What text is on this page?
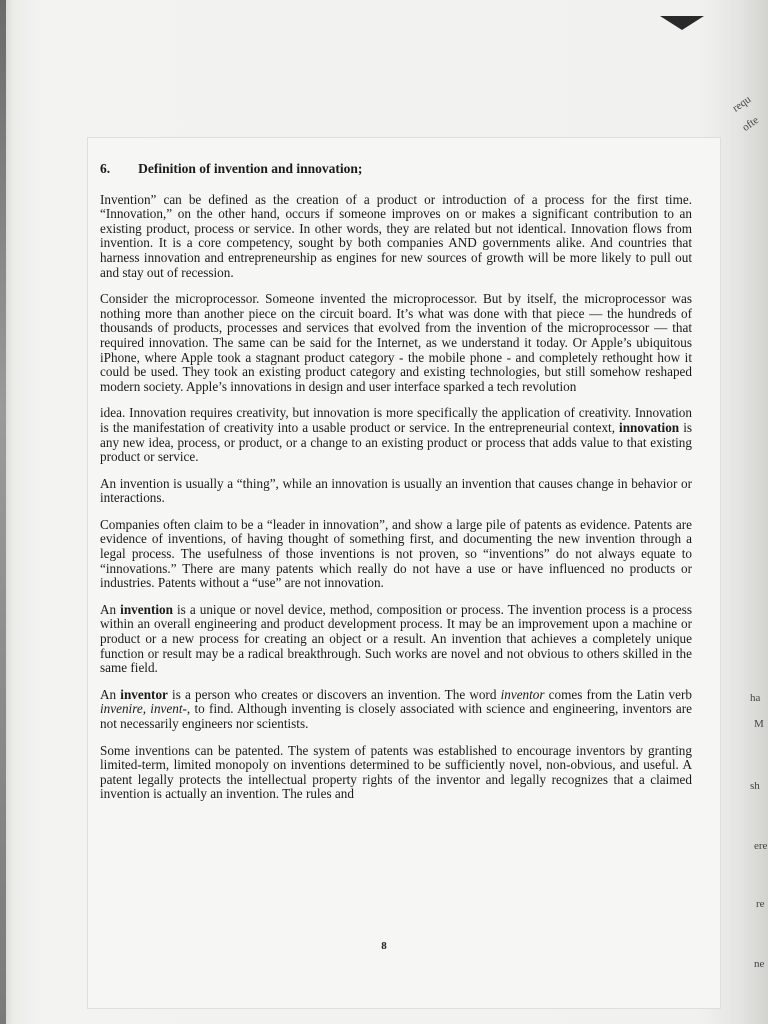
requ
ofte
ha
M
sh
ere
re
ne
6. Definition of invention and innovation;

Invention” can be defined as the creation of a product or introduction of a process for the first time. “Innovation,” on the other hand, occurs if someone improves on or makes a significant contribution to an existing product, process or service. In other words, they are related but not identical. Innovation flows from invention. It is a core competency, sought by both companies AND governments alike. And countries that harness innovation and entrepreneurship as engines for new sources of growth will be more likely to pull out and stay out of recession.

Consider the microprocessor. Someone invented the microprocessor. But by itself, the microprocessor was nothing more than another piece on the circuit board. It’s what was done with that piece — the hundreds of thousands of products, processes and services that evolved from the invention of the microprocessor — that required innovation. The same can be said for the Internet, as we understand it today. Or Apple’s ubiquitous iPhone, where Apple took a stagnant product category - the mobile phone - and completely rethought how it could be used. They took an existing product category and existing technologies, but still somehow reshaped modern society. Apple’s innovations in design and user interface sparked a tech revolution

idea. Innovation requires creativity, but innovation is more specifically the application of creativity. Innovation is the manifestation of creativity into a usable product or service. In the entrepreneurial context, innovation is any new idea, process, or product, or a change to an existing product or process that adds value to that existing product or service.

An invention is usually a “thing”, while an innovation is usually an invention that causes change in behavior or interactions.

Companies often claim to be a “leader in innovation”, and show a large pile of patents as evidence. Patents are evidence of inventions, of having thought of something first, and documenting the new invention through a legal process. The usefulness of those inventions is not proven, so “inventions” do not always equate to “innovations.” There are many patents which really do not have a use or have influenced no products or industries. Patents without a “use” are not innovation.

An invention is a unique or novel device, method, composition or process. The invention process is a process within an overall engineering and product development process. It may be an improvement upon a machine or product or a new process for creating an object or a result. An invention that achieves a completely unique function or result may be a radical breakthrough. Such works are novel and not obvious to others skilled in the same field.

An inventor is a person who creates or discovers an invention. The word inventor comes from the Latin verb invenire, invent-, to find. Although inventing is closely associated with science and engineering, inventors are not necessarily engineers nor scientists.

Some inventions can be patented. The system of patents was established to encourage inventors by granting limited-term, limited monopoly on inventions determined to be sufficiently novel, non-obvious, and useful. A patent legally protects the intellectual property rights of the inventor and legally recognizes that a claimed invention is actually an invention. The rules and

8
